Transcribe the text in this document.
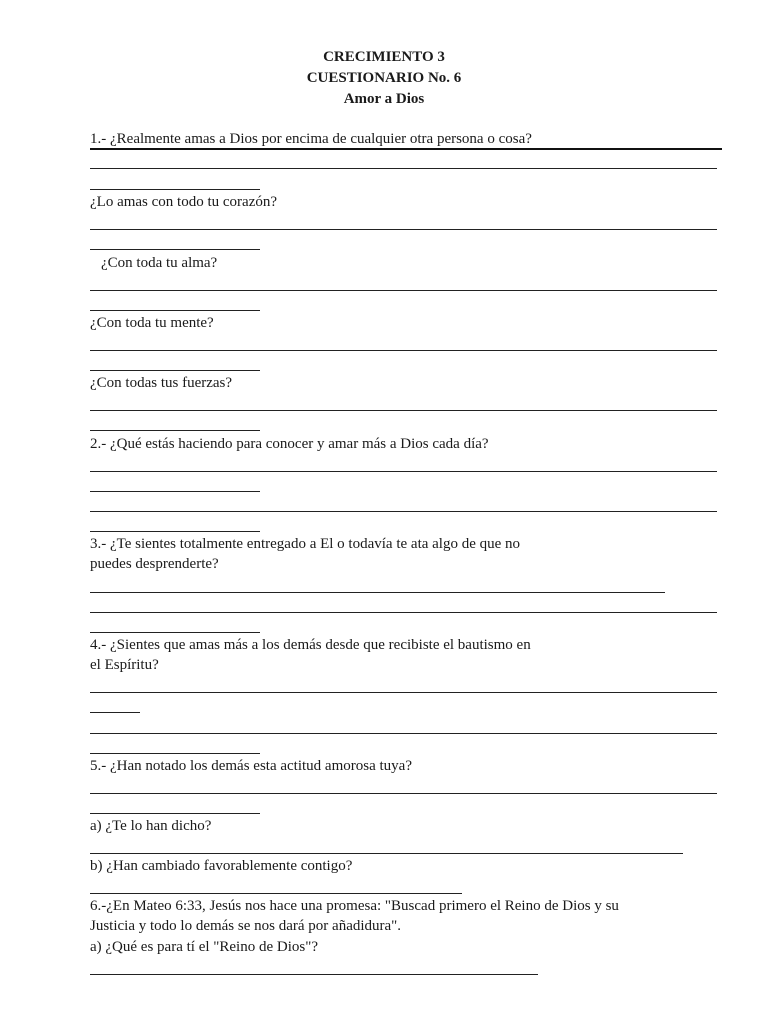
CRECIMIENTO 3
CUESTIONARIO No. 6
Amor a Dios
1.- ¿Realmente amas a Dios por encima de cualquier otra persona o cosa?
¿Lo amas con todo tu corazón?
¿Con toda tu alma?
¿Con toda tu mente?
¿Con todas tus fuerzas?
2.- ¿Qué estás haciendo para conocer y amar más a Dios cada día?
3.- ¿Te sientes totalmente entregado a El o todavía te ata algo de que no
puedes desprenderte?
4.- ¿Sientes que amas más a los demás desde que recibiste el bautismo en
el Espíritu?
5.- ¿Han notado los demás esta actitud amorosa tuya?
a) ¿Te lo han dicho?
b) ¿Han cambiado favorablemente contigo?
6.-¿En Mateo 6:33, Jesús nos hace una promesa: "Buscad primero el Reino de Dios y su
Justicia y todo lo demás se nos dará por añadidura".
a) ¿Qué es para tí el "Reino de Dios"?
